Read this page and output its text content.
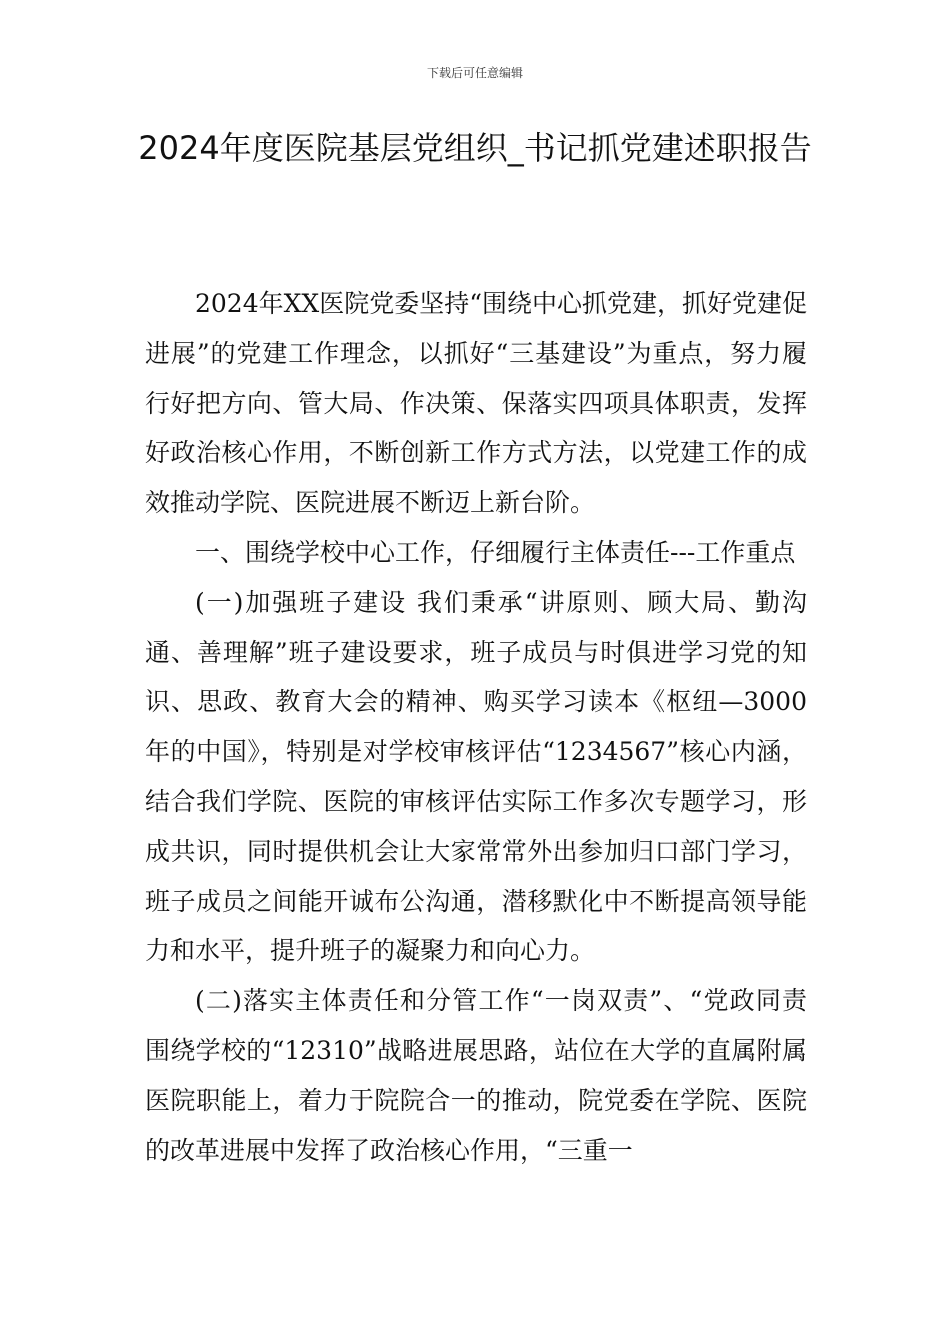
下载后可任意编辑
2024年度医院基层党组织_书记抓党建述职报告

2024年XX医院党委坚持“围绕中心抓党建，抓好党建促进展”的党建工作理念，以抓好“三基建设”为重点，努力履行好把方向、管大局、作决策、保落实四项具体职责，发挥好政治核心作用，不断创新工作方式方法，以党建工作的成效推动学院、医院进展不断迈上新台阶。

一、围绕学校中心工作，仔细履行主体责任---工作重点

(一)加强班子建设 我们秉承“讲原则、顾大局、勤沟通、善理解”班子建设要求，班子成员与时俱进学习党的知识、思政、教育大会的精神、购买学习读本《枢纽—3000年的中国》，特别是对学校审核评估“1234567”核心内涵，结合我们学院、医院的审核评估实际工作多次专题学习，形成共识，同时提供机会让大家常常外出参加归口部门学习，班子成员之间能开诚布公沟通，潜移默化中不断提高领导能力和水平，提升班子的凝聚力和向心力。

(二)落实主体责任和分管工作“一岗双责”、“党政同责 围绕学校的“12310”战略进展思路，站位在大学的直属附属医院职能上，着力于院院合一的推动，院党委在学院、医院的改革进展中发挥了政治核心作用，“三重一
